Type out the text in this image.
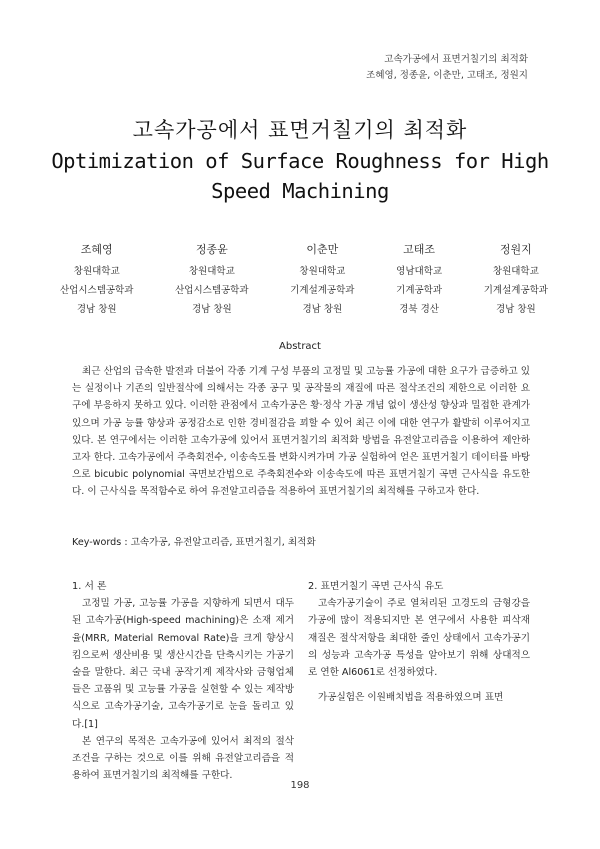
고속가공에서 표면거칠기의 최적화
조혜영, 정종윤, 이춘만, 고태조, 정원지
고속가공에서 표면거칠기의 최적화
Optimization of Surface Roughness for High
Speed Machining
조혜영
창원대학교
산업시스템공학과
경남 창원
정종윤
창원대학교
산업시스템공학과
경남 창원
이춘만
창원대학교
기계설계공학과
경남 창원
고태조
영남대학교
기계공학과
경북 경산
정원지
창원대학교
기계설계공학과
경남 창원
Abstract

최근 산업의 급속한 발전과 더불어 각종 기계 구성 부품의 고정밀 및 고능률 가공에 대한 요구가 급증하고 있는 실정이나 기존의 일반절삭에 의해서는 각종 공구 및 공작물의 재질에 따른 절삭조건의 제한으로 이러한 요구에 부응하지 못하고 있다. 이러한 관점에서 고속가공은 황·정삭 가공 개념 없이 생산성 향상과 밀접한 관계가 있으며 가공 능률 향상과 공정감소로 인한 경비절감을 꾀할 수 있어 최근 이에 대한 연구가 활발히 이루어지고 있다. 본 연구에서는 이러한 고속가공에 있어서 표면거칠기의 최적화 방법을 유전알고리즘을 이용하여 제안하고자 한다. 고속가공에서 주축회전수, 이송속도를 변화시켜가며 가공 실험하여 얻은 표면거칠기 데이터를 바탕으로 bicubic polynomial 곡면보간법으로 주축회전수와 이송속도에 따른 표면거칠기 곡면 근사식을 유도한다. 이 근사식을 목적함수로 하여 유전알고리즘을 적용하여 표면거칠기의 최적해를 구하고자 한다.

Key-words : 고속가공, 유전알고리즘, 표면거칠기, 최적화

1. 서 론

고정밀 가공, 고능률 가공을 지향하게 되면서 대두된 고속가공(High-speed machining)은 소재 제거율(MRR, Material Removal Rate)을 크게 향상시킴으로써 생산비용 및 생산시간을 단축시키는 가공기술을 말한다. 최근 국내 공작기계 제작사와 금형업체들은 고품위 및 고능률 가공을 실현할 수 있는 제작방식으로 고속가공기술, 고속가공기로 눈을 돌리고 있다.[1]

본 연구의 목적은 고속가공에 있어서 최적의 절삭조건을 구하는 것으로 이를 위해 유전알고리즘을 적용하여 표면거칠기의 최적해를 구한다.

2. 표면거칠기 곡면 근사식 유도

고속가공기술이 주로 열처리된 고경도의 금형강을 가공에 많이 적용되지만 본 연구에서 사용한 피삭재 재질은 절삭저항을 최대한 줄인 상태에서 고속가공기의 성능과 고속가공 특성을 알아보기 위해 상대적으로 연한 Al6061로 선정하였다.

가공실험은 이원배치법을 적용하였으며 표면

198
